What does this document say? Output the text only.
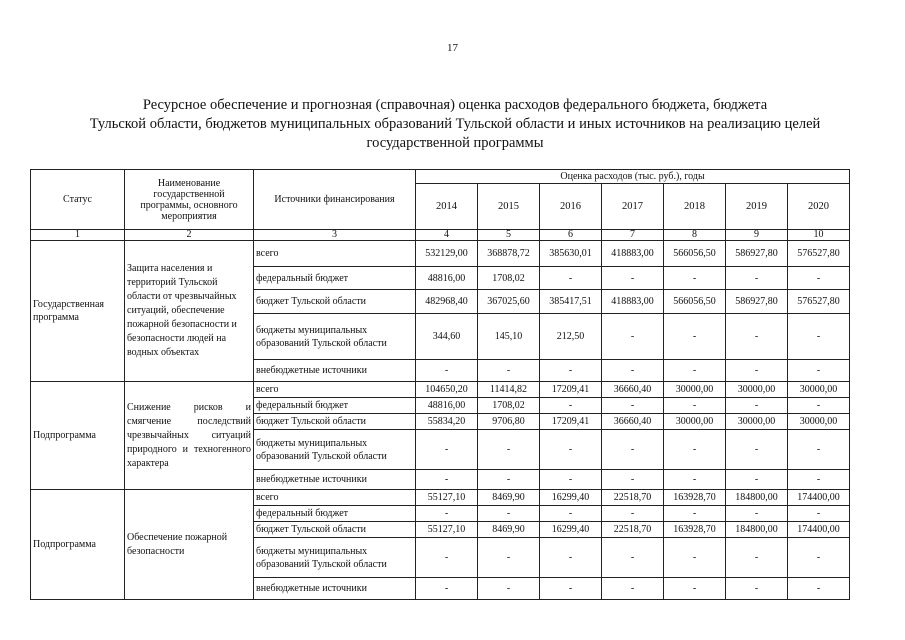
17
Ресурсное обеспечение и прогнозная (справочная) оценка расходов федерального бюджета, бюджета
Тульской области, бюджетов муниципальных образований Тульской области и иных источников на реализацию целей
государственной программы
Статус	Наименование государственной программы, основного мероприятия	Источники финансирования	Оценка расходов (тыс. руб.), годы						
			2014	2015	2016	2017	2018	2019	2020
1	2	3	4	5	6	7	8	9	10
Государственная программа	Защита населения и территорий Тульской области от чрезвычайных ситуаций, обеспечение пожарной безопасности и безопасности людей на водных объектах	всего	532129,00	368878,72	385630,01	418883,00	566056,50	586927,80	576527,80
		федеральный бюджет	48816,00	1708,02	-	-	-	-	-
		бюджет Тульской области	482968,40	367025,60	385417,51	418883,00	566056,50	586927,80	576527,80
		бюджеты муниципальных образований Тульской области	344,60	145,10	212,50	-	-	-	-
		внебюджетные источники	-	-	-	-	-	-	-
Подпрограмма	Снижение рисков и смягчение последствий чрезвычайных ситуаций природного и техногенного характера	всего	104650,20	11414,82	17209,41	36660,40	30000,00	30000,00	30000,00
		федеральный бюджет	48816,00	1708,02	-	-	-	-	-
		бюджет Тульской области	55834,20	9706,80	17209,41	36660,40	30000,00	30000,00	30000,00
		бюджеты муниципальных образований Тульской области	-	-	-	-	-	-	-
		внебюджетные источники	-	-	-	-	-	-	-
Подпрограмма	Обеспечение пожарной безопасности	всего	55127,10	8469,90	16299,40	22518,70	163928,70	184800,00	174400,00
		федеральный бюджет	-	-	-	-	-	-	-
		бюджет Тульской области	55127,10	8469,90	16299,40	22518,70	163928,70	184800,00	174400,00
		бюджеты муниципальных образований Тульской области	-	-	-	-	-	-	-
		внебюджетные источники	-	-	-	-	-	-	-
